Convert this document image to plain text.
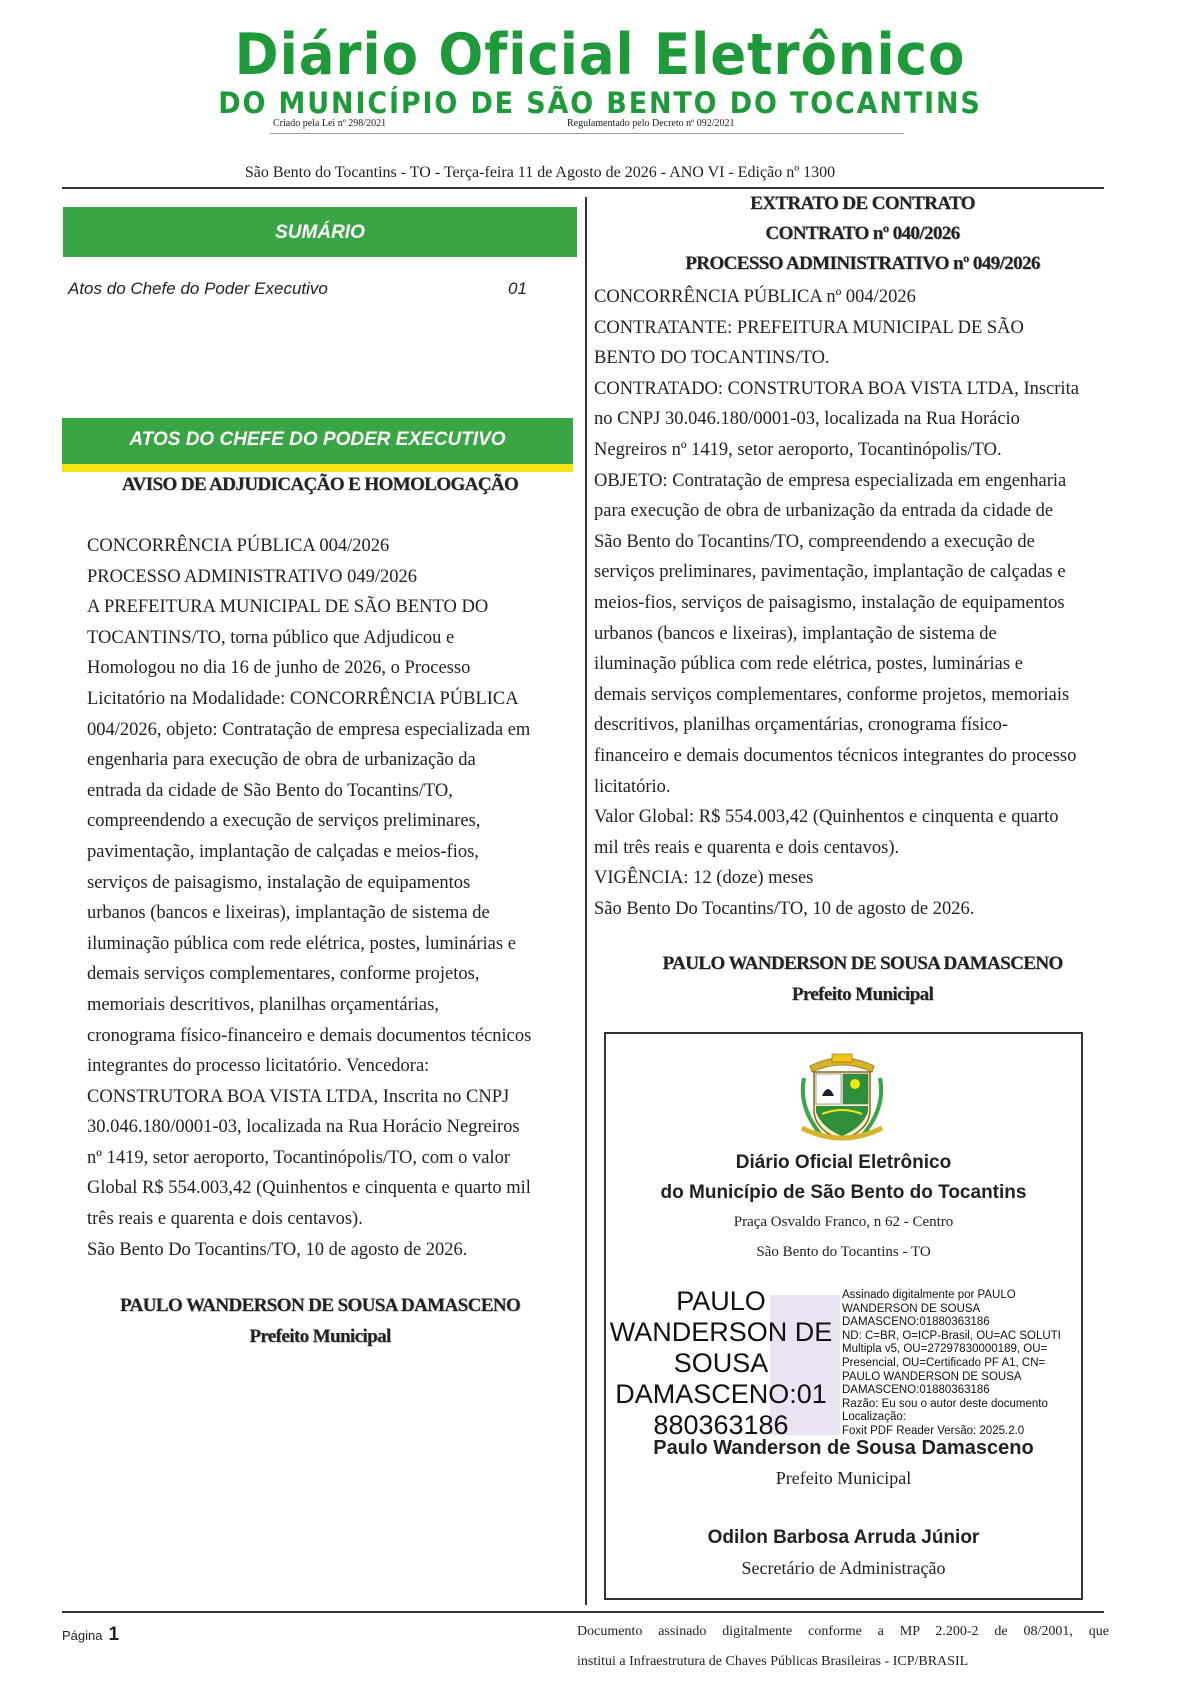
Diário Oficial Eletrônico
DO MUNICÍPIO DE SÃO BENTO DO TOCANTINS
Criado pela Lei nº 298/2021	Regulamentado pelo Decreto nº 092/2021
São Bento do Tocantins - TO - Terça-feira 11 de Agosto de 2026 - ANO VI - Edição nº 1300
SUMÁRIO
Atos do Chefe do Poder Executivo	01
ATOS DO CHEFE DO PODER EXECUTIVO
AVISO DE ADJUDICAÇÃO E HOMOLOGAÇÃO
CONCORRÊNCIA PÚBLICA 004/2026
PROCESSO ADMINISTRATIVO 049/2026
A PREFEITURA MUNICIPAL DE SÃO BENTO DO
TOCANTINS/TO, torna público que Adjudicou e
Homologou no dia 16 de junho de 2026, o Processo
Licitatório na Modalidade: CONCORRÊNCIA PÚBLICA
004/2026, objeto: Contratação de empresa especializada em
engenharia para execução de obra de urbanização da
entrada da cidade de São Bento do Tocantins/TO,
compreendendo a execução de serviços preliminares,
pavimentação, implantação de calçadas e meios-fios,
serviços de paisagismo, instalação de equipamentos
urbanos (bancos e lixeiras), implantação de sistema de
iluminação pública com rede elétrica, postes, luminárias e
demais serviços complementares, conforme projetos,
memoriais descritivos, planilhas orçamentárias,
cronograma físico-financeiro e demais documentos técnicos
integrantes do processo licitatório. Vencedora:
CONSTRUTORA BOA VISTA LTDA, Inscrita no CNPJ
30.046.180/0001-03, localizada na Rua Horácio Negreiros
nº 1419, setor aeroporto, Tocantinópolis/TO, com o valor
Global R$ 554.003,42 (Quinhentos e cinquenta e quarto mil
três reais e quarenta e dois centavos).
São Bento Do Tocantins/TO, 10 de agosto de 2026.
PAULO WANDERSON DE SOUSA DAMASCENO
Prefeito Municipal
EXTRATO DE CONTRATO
CONTRATO nº 040/2026
PROCESSO ADMINISTRATIVO nº 049/2026
CONCORRÊNCIA PÚBLICA nº 004/2026
CONTRATANTE: PREFEITURA MUNICIPAL DE SÃO
BENTO DO TOCANTINS/TO.
CONTRATADO: CONSTRUTORA BOA VISTA LTDA, Inscrita
no CNPJ 30.046.180/0001-03, localizada na Rua Horácio
Negreiros nº 1419, setor aeroporto, Tocantinópolis/TO.
OBJETO: Contratação de empresa especializada em engenharia
para execução de obra de urbanização da entrada da cidade de
São Bento do Tocantins/TO, compreendendo a execução de
serviços preliminares, pavimentação, implantação de calçadas e
meios-fios, serviços de paisagismo, instalação de equipamentos
urbanos (bancos e lixeiras), implantação de sistema de
iluminação pública com rede elétrica, postes, luminárias e
demais serviços complementares, conforme projetos, memoriais
descritivos, planilhas orçamentárias, cronograma físico-
financeiro e demais documentos técnicos integrantes do processo
licitatório.
Valor Global: R$ 554.003,42 (Quinhentos e cinquenta e quarto
mil três reais e quarenta e dois centavos).
VIGÊNCIA: 12 (doze) meses
São Bento Do Tocantins/TO, 10 de agosto de 2026.
PAULO WANDERSON DE SOUSA DAMASCENO
Prefeito Municipal
Diário Oficial Eletrônico
do Município de São Bento do Tocantins
Praça Osvaldo Franco, n 62 - Centro
São Bento do Tocantins - TO
PAULO
WANDERSON DE
SOUSA
DAMASCENO:01
880363186
Assinado digitalmente por PAULO
WANDERSON DE SOUSA
DAMASCENO:01880363186
ND: C=BR, O=ICP-Brasil, OU=AC SOLUTI
Multipla v5, OU=27297830000189, OU=
Presencial, OU=Certificado PF A1, CN=
PAULO WANDERSON DE SOUSA
DAMASCENO:01880363186
Razão: Eu sou o autor deste documento
Localização:
Foxit PDF Reader Versão: 2025.2.0
Paulo Wanderson de Sousa Damasceno
Prefeito Municipal
Odilon Barbosa Arruda Júnior
Secretário de Administração
Página 1	Documento assinado digitalmente conforme a MP 2.200-2 de 08/2001, que
institui a Infraestrutura de Chaves Públicas Brasileiras - ICP/BRASIL
